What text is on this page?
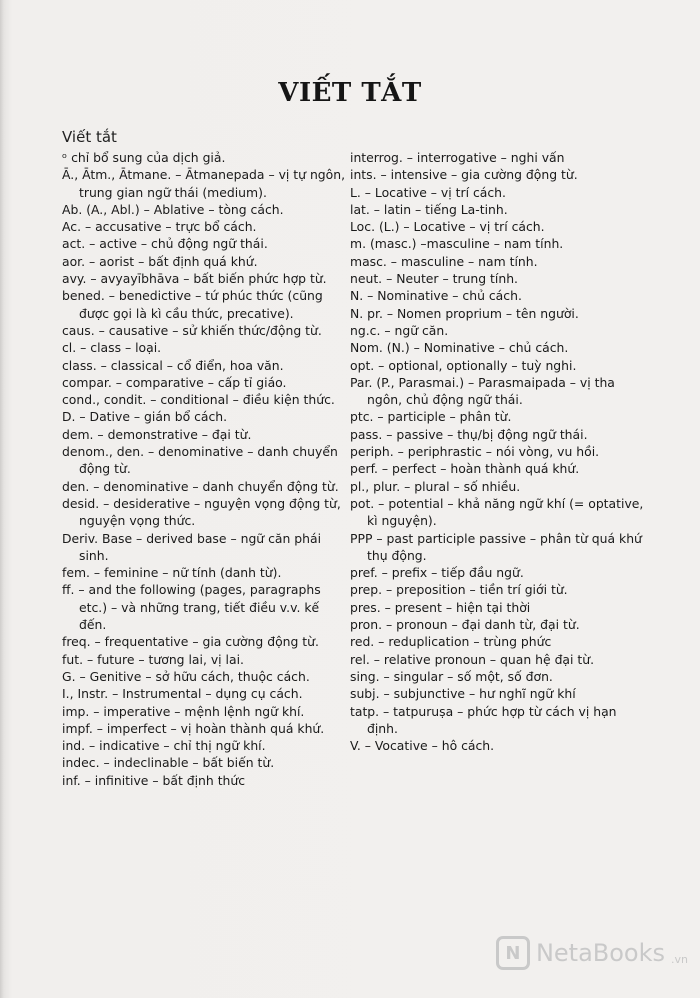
VIẾT TẮT
Viết tắt
ᵒ chỉ bổ sung của dịch giả.
Ā., Ātm., Ātmane. – Ātmanepada – vị tự ngôn, trung gian ngữ thái (medium).
Ab. (A., Abl.) – Ablative – tòng cách.
Ac. – accusative – trực bổ cách.
act. – active – chủ động ngữ thái.
aor. – aorist – bất định quá khứ.
avy. – avyayībhāva – bất biến phức hợp từ.
bened. – benedictive – tứ phúc thức (cũng được gọi là kì cầu thức, precative).
caus. – causative – sử khiến thức/động từ.
cl. – class – loại.
class. – classical – cổ điển, hoa văn.
compar. – comparative – cấp tỉ giáo.
cond., condit. – conditional – điều kiện thức.
D. – Dative – gián bổ cách.
dem. – demonstrative – đại từ.
denom., den. – denominative – danh chuyển động từ.
den. – denominative – danh chuyển động từ.
desid. – desiderative – nguyện vọng động từ, nguyện vọng thức.
Deriv. Base – derived base – ngữ căn phái sinh.
fem. – feminine – nữ tính (danh từ).
ff. – and the following (pages, paragraphs etc.) – và những trang, tiết điều v.v. kế đến.
freq. – frequentative – gia cường động từ.
fut. – future – tương lai, vị lai.
G. – Genitive – sở hữu cách, thuộc cách.
I., Instr. – Instrumental – dụng cụ cách.
imp. – imperative – mệnh lệnh ngữ khí.
impf. – imperfect – vị hoàn thành quá khứ.
ind. – indicative – chỉ thị ngữ khí.
indec. – indeclinable – bất biến từ.
inf. – infinitive – bất định thức
interrog. – interrogative – nghi vấn
ints. – intensive – gia cường động từ.
L. – Locative – vị trí cách.
lat. – latin – tiếng La-tinh.
Loc. (L.) – Locative – vị trí cách.
m. (masc.) –masculine – nam tính.
masc. – masculine – nam tính.
neut. – Neuter – trung tính.
N. – Nominative – chủ cách.
N. pr. – Nomen proprium – tên người.
ng.c. – ngữ căn.
Nom. (N.) – Nominative – chủ cách.
opt. – optional, optionally – tuỳ nghi.
Par. (P., Parasmai.) – Parasmaipada – vị tha ngôn, chủ động ngữ thái.
ptc. – participle – phân từ.
pass. – passive – thụ/bị động ngữ thái.
periph. – periphrastic – nói vòng, vu hồi.
perf. – perfect – hoàn thành quá khứ.
pl., plur. – plural – số nhiều.
pot. – potential – khả năng ngữ khí (= optative, kì nguyện).
PPP – past participle passive – phân từ quá khứ thụ động.
pref. – prefix – tiếp đầu ngữ.
prep. – preposition – tiền trí giới từ.
pres. – present – hiện tại thời
pron. – pronoun – đại danh từ, đại từ.
red. – reduplication – trùng phức
rel. – relative pronoun – quan hệ đại từ.
sing. – singular – số một, số đơn.
subj. – subjunctive – hư nghĩ ngữ khí
tatp. – tatpuruṣa – phức hợp từ cách vị hạn định.
V. – Vocative – hô cách.
N NetaBooks .vn
